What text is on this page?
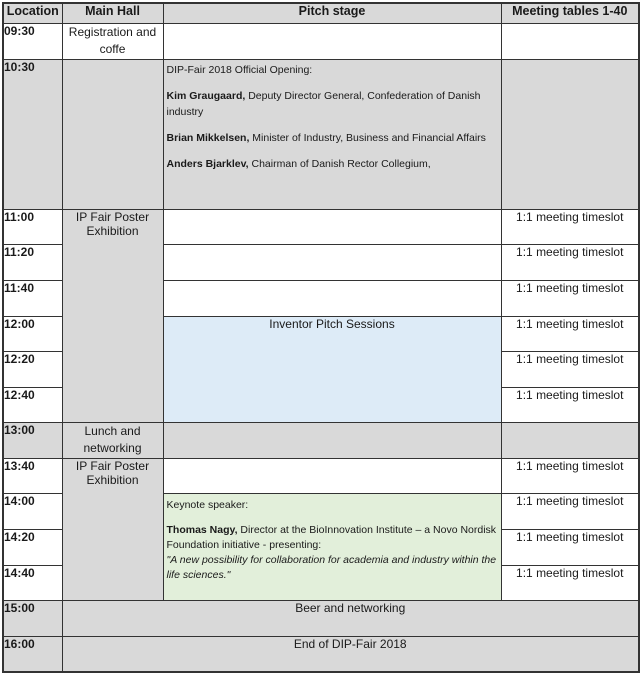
Location	Main Hall	Pitch stage	Meeting tables 1-40
09:30	Registration and coffe		
10:30		DIP-Fair 2018 Official Opening:

Kim Graugaard, Deputy Director General, Confederation of Danish industry

Brian Mikkelsen, Minister of Industry, Business and Financial Affairs

Anders Bjarklev, Chairman of Danish Rector Collegium,	

11:00	IP Fair Poster Exhibition		1:1 meeting timeslot
11:20			1:1 meeting timeslot
11:40			1:1 meeting timeslot
12:00		Inventor Pitch Sessions	1:1 meeting timeslot
12:20			1:1 meeting timeslot
12:40			1:1 meeting timeslot
13:00	Lunch and networking		
13:40	IP Fair Poster Exhibition		1:1 meeting timeslot
14:00		Keynote speaker:

Thomas Nagy, Director at the BioInnovation Institute – a Novo Nordisk Foundation initiative - presenting:

"A new possibility for collaboration for academia and industry within the life sciences."	1:1 meeting timeslot
14:20			1:1 meeting timeslot
14:40			1:1 meeting timeslot
15:00	Beer and networking		
16:00	End of DIP-Fair 2018		
